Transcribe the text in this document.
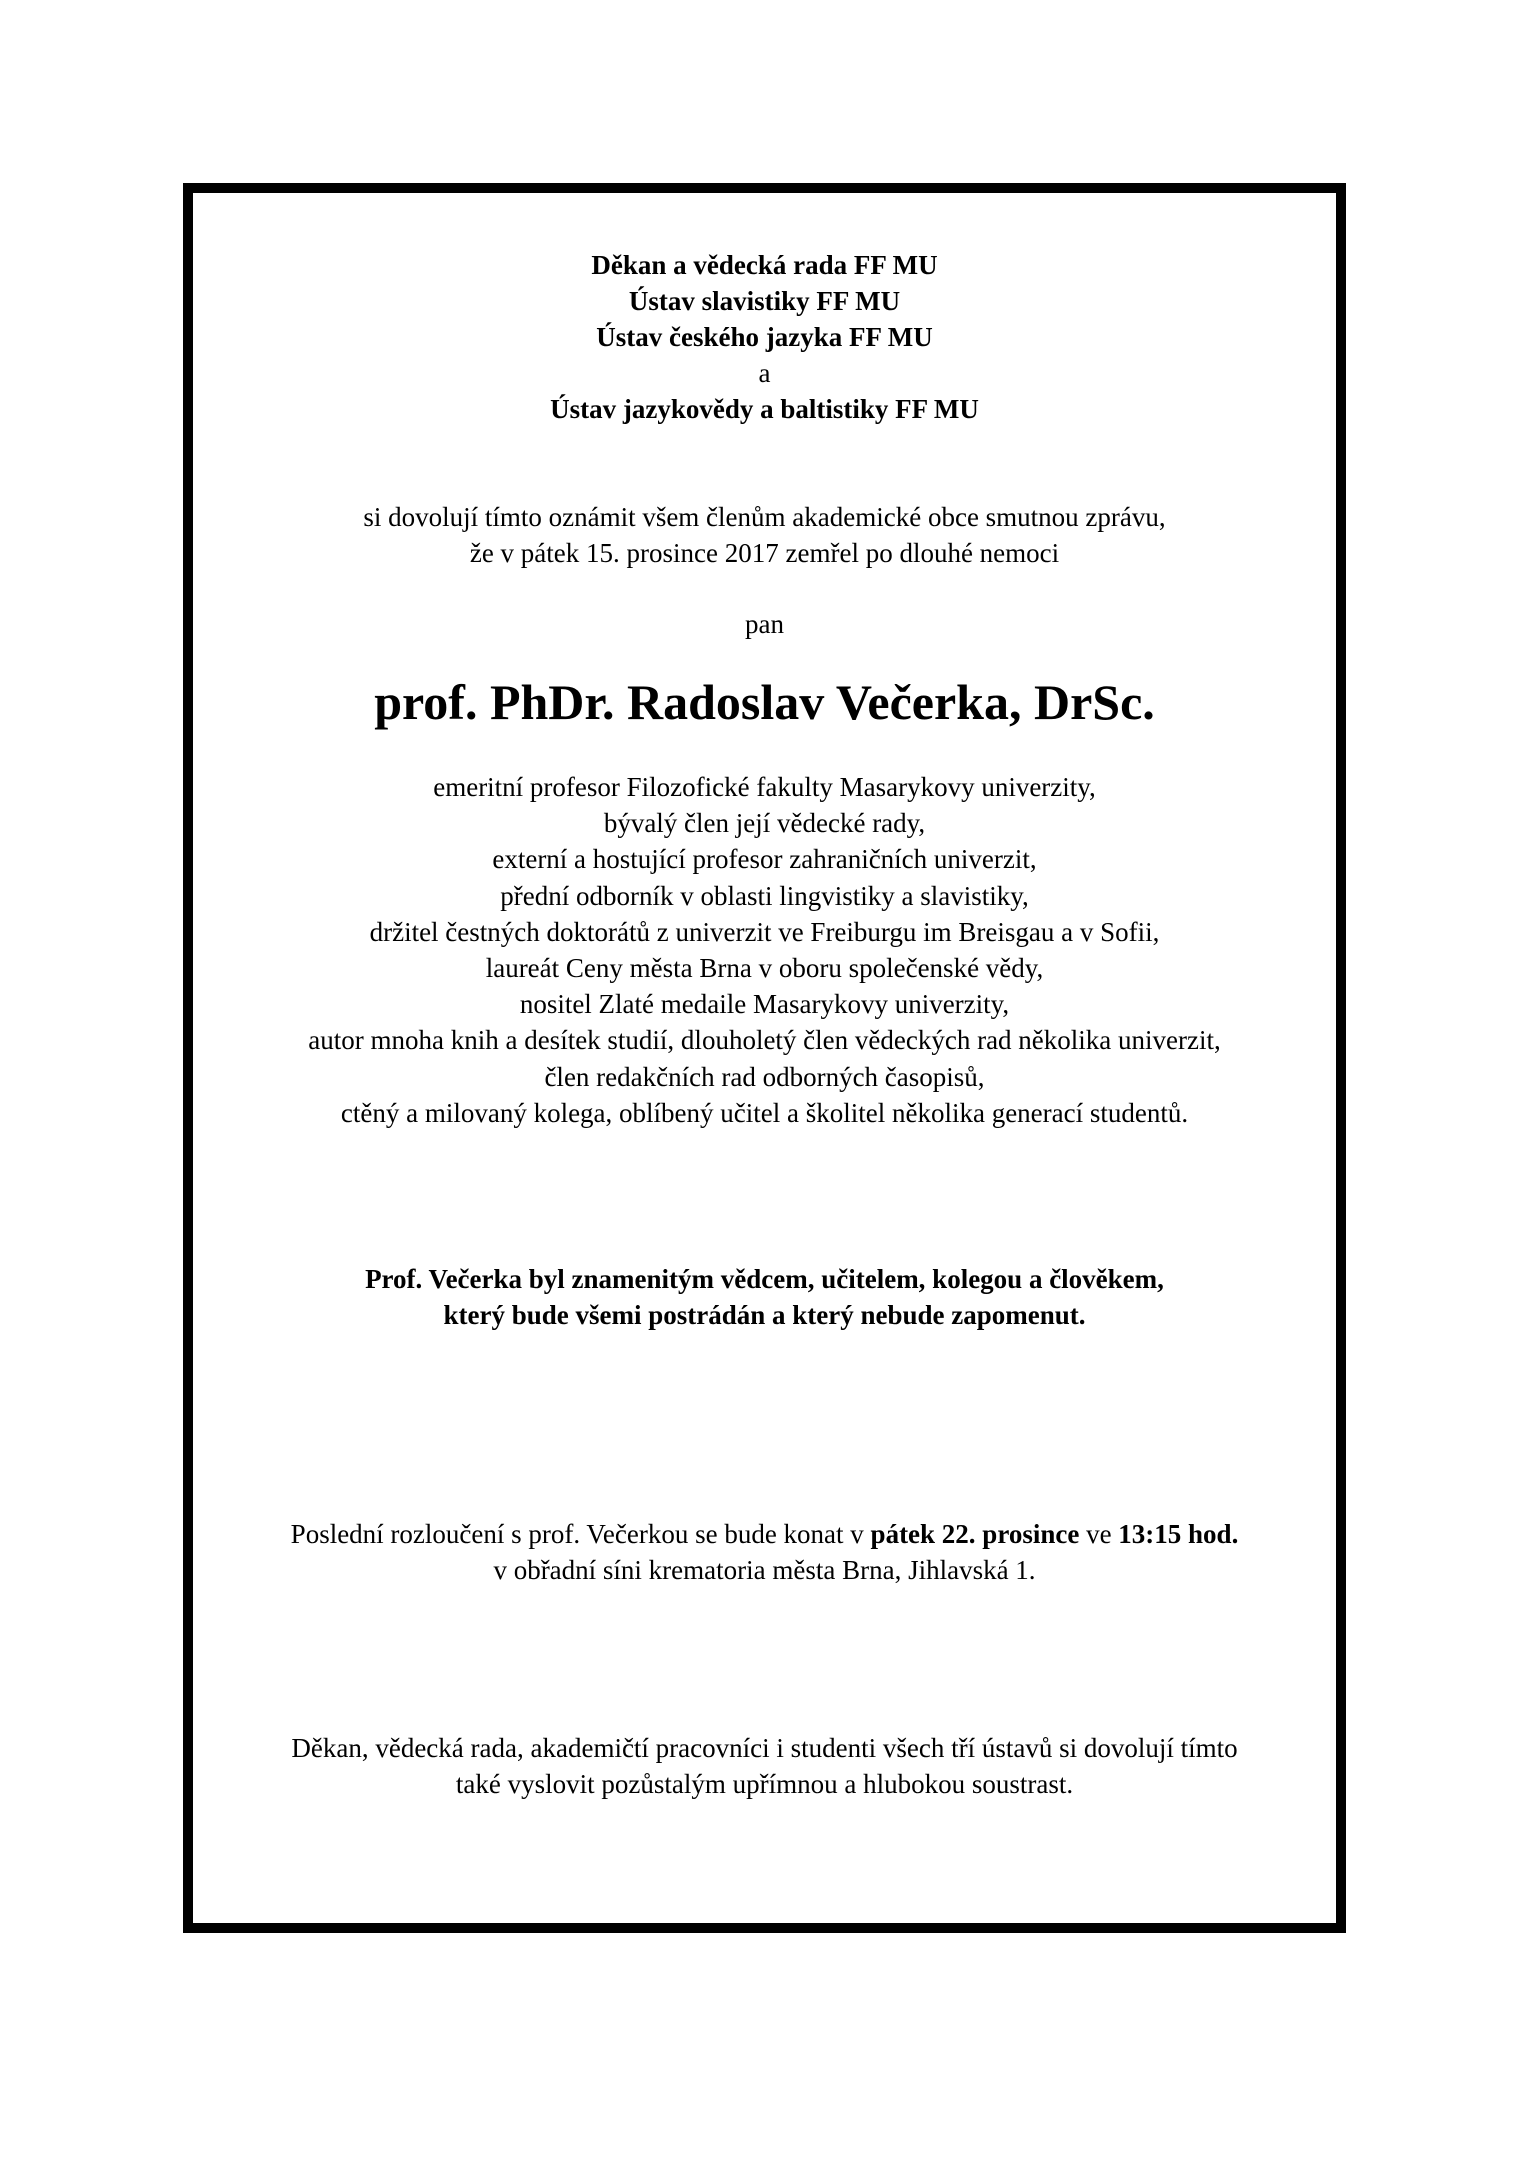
Děkan a vědecká rada FF MU
Ústav slavistiky FF MU
Ústav českého jazyka FF MU
a
Ústav jazykovědy a baltistiky FF MU
si dovolují tímto oznámit všem členům akademické obce smutnou zprávu,
že v pátek 15. prosince 2017 zemřel po dlouhé nemoci
pan
prof. PhDr. Radoslav Večerka, DrSc.
emeritní profesor Filozofické fakulty Masarykovy univerzity,
bývalý člen její vědecké rady,
externí a hostující profesor zahraničních univerzit,
přední odborník v oblasti lingvistiky a slavistiky,
držitel čestných doktorátů z univerzit ve Freiburgu im Breisgau a v Sofii,
laureát Ceny města Brna v oboru společenské vědy,
nositel Zlaté medaile Masarykovy univerzity,
autor mnoha knih a desítek studií, dlouholetý člen vědeckých rad několika univerzit,
člen redakčních rad odborných časopisů,
ctěný a milovaný kolega, oblíbený učitel a školitel několika generací studentů.
Prof. Večerka byl znamenitým vědcem, učitelem, kolegou a člověkem,
který bude všemi postrádán a který nebude zapomenut.
Poslední rozloučení s prof. Večerkou se bude konat v pátek 22. prosince ve 13:15 hod.
v obřadní síni krematoria města Brna, Jihlavská 1.
Děkan, vědecká rada, akademičtí pracovníci i studenti všech tří ústavů si dovolují tímto
také vyslovit pozůstalým upřímnou a hlubokou soustrast.
